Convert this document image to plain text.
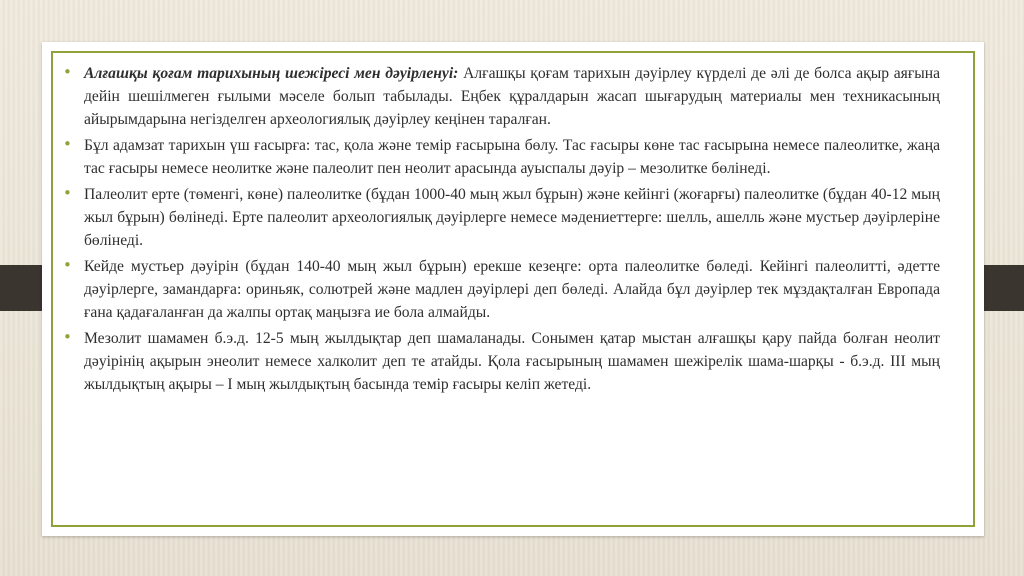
• Алғашқы қоғам тарихының шежіресі мен дәуірленуі: Алғашқы қоғам тарихын дәуірлеу күрделі де әлі де болса ақыр аяғына дейін шешілмеген ғылыми мәселе болып табылады. Еңбек құралдарын жасап шығарудың материалы мен техникасының айырымдарына негізделген археологиялық дәуірлеу кеңінен таралған.
• Бұл адамзат тарихын үш ғасырға: тас, қола және темір ғасырына бөлу. Тас ғасыры көне тас ғасырына немесе палеолитке, жаңа тас ғасыры немесе неолитке және палеолит пен неолит арасында ауыспалы дәуір – мезолитке бөлінеді.
• Палеолит ерте (төменгі, көне) палеолитке (бұдан 1000-40 мың жыл бұрын) және кейінгі (жоғарғы) палеолитке (бұдан 40-12 мың жыл бұрын) бөлінеді. Ерте палеолит археологиялық дәуірлерге немесе мәдениеттерге: шелль, ашелль және мустьер дәуірлеріне бөлінеді.
• Кейде мустьер дәуірін (бұдан 140-40 мың жыл бұрын) ерекше кезеңге: орта палеолитке бөледі. Кейінгі палеолитті, әдетте дәуірлерге, замандарға: ориньяк, солютрей және мадлен дәуірлері деп бөледі. Алайда бұл дәуірлер тек мұздақталған Европада ғана қадағаланған да жалпы ортақ маңызға ие бола алмайды.
• Мезолит шамамен б.э.д. 12-5 мың жылдықтар деп шамаланады. Сонымен қатар мыстан алғашқы қару пайда болған неолит дәуірінің ақырын энеолит немесе халколит деп те атайды. Қола ғасырының шамамен шежірелік шама-шарқы - б.э.д. ІІІ мың жылдықтың ақыры – І мың жылдықтың басында темір ғасыры келіп жетеді.
